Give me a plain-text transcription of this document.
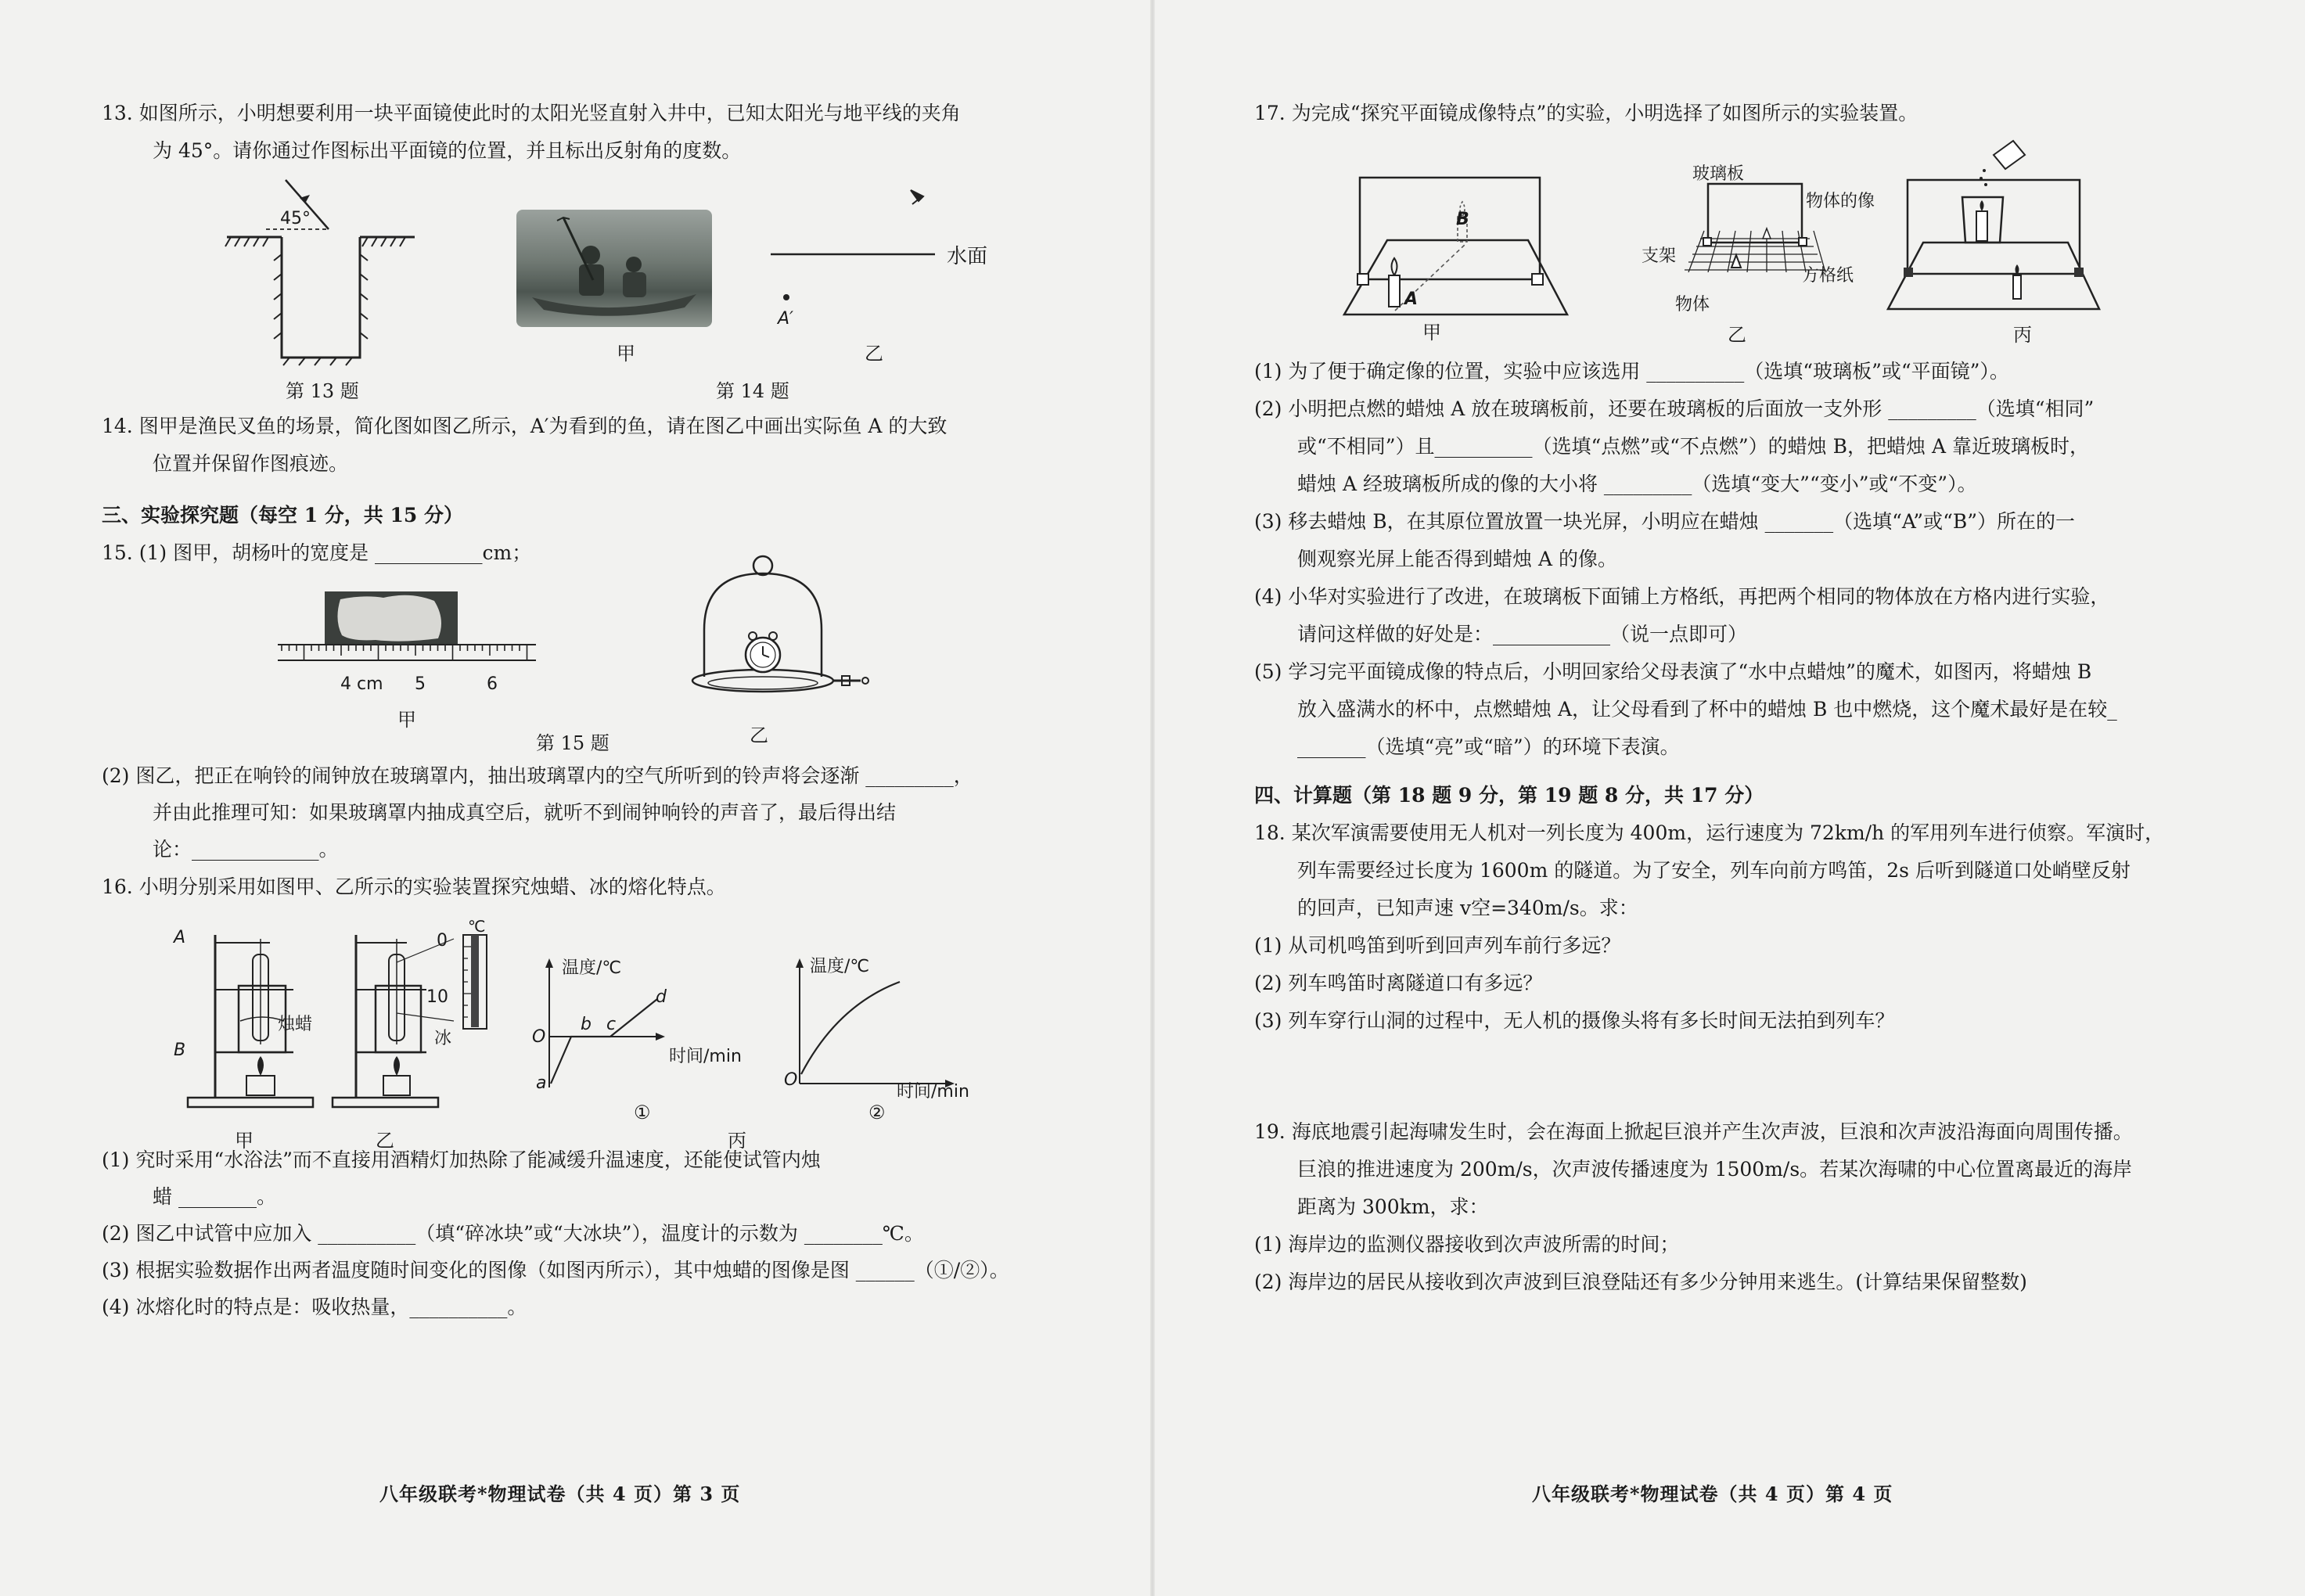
13. 如图所示，小明想要利用一块平面镜使此时的太阳光竖直射入井中，已知太阳光与地平线的夹角
为 45°。请你通过作图标出平面镜的位置，并且标出反射角的度数。
45°
第 13 题
甲
水面
A′
乙
第 14 题
14. 图甲是渔民叉鱼的场景，简化图如图乙所示，A′为看到的鱼，请在图乙中画出实际鱼 A 的大致
位置并保留作图痕迹。
三、实验探究题（每空 1 分，共 15 分）
15. (1) 图甲，胡杨叶的宽度是 ___________cm；
4 cm 5	6
甲
乙
第 15 题
(2) 图乙，把正在响铃的闹钟放在玻璃罩内，抽出玻璃罩内的空气所听到的铃声将会逐渐 _________，
并由此推理可知：如果玻璃罩内抽成真空后，就听不到闹钟响铃的声音了，最后得出结
论：_____________。
16. 小明分别采用如图甲、乙所示的实验装置探究烛蜡、冰的熔化特点。
A
B
烛蜡
甲
0
10
℃
冰
乙
温度/℃
时间/min
O
a
b c
d
①
温度/℃
时间/min
O
②
丙
(1) 究时采用“水浴法”而不直接用酒精灯加热除了能减缓升温速度，还能使试管内烛
蜡 ________。
(2) 图乙中试管中应加入 __________（填“碎冰块”或“大冰块”），温度计的示数为 ________℃。
(3) 根据实验数据作出两者温度随时间变化的图像（如图丙所示），其中烛蜡的图像是图 ______（①/②）。
(4) 冰熔化时的特点是：吸收热量，__________。
八年级联考*物理试卷（共 4 页）第 3 页
17. 为完成“探究平面镜成像特点”的实验，小明选择了如图所示的实验装置。
B
A
甲
玻璃板
物体的像
支架
方格纸
物体
乙	丙
(1) 为了便于确定像的位置，实验中应该选用 __________（选填“玻璃板”或“平面镜”）。
(2) 小明把点燃的蜡烛 A 放在玻璃板前，还要在玻璃板的后面放一支外形 _________（选填“相同”
或“不相同”）且__________（选填“点燃”或“不点燃”）的蜡烛 B，把蜡烛 A 靠近玻璃板时，
蜡烛 A 经玻璃板所成的像的大小将 _________（选填“变大”“变小”或“不变”）。
(3) 移去蜡烛 B，在其原位置放置一块光屏，小明应在蜡烛 _______（选填“A”或“B”）所在的一
侧观察光屏上能否得到蜡烛 A 的像。
(4) 小华对实验进行了改进，在玻璃板下面铺上方格纸，再把两个相同的物体放在方格内进行实验，
请问这样做的好处是：____________（说一点即可）
(5) 学习完平面镜成像的特点后，小明回家给父母表演了“水中点蜡烛”的魔术，如图丙，将蜡烛 B
放入盛满水的杯中，点燃蜡烛 A，让父母看到了杯中的蜡烛 B 也中燃烧，这个魔术最好是在较_
_______（选填“亮”或“暗”）的环境下表演。
四、计算题（第 18 题 9 分，第 19 题 8 分，共 17 分）
18. 某次军演需要使用无人机对一列长度为 400m，运行速度为 72km/h 的军用列车进行侦察。军演时，
列车需要经过长度为 1600m 的隧道。为了安全，列车向前方鸣笛，2s 后听到隧道口处峭壁反射
的回声，已知声速 v空=340m/s。求：
(1) 从司机鸣笛到听到回声列车前行多远？
(2) 列车鸣笛时离隧道口有多远？
(3) 列车穿行山洞的过程中，无人机的摄像头将有多长时间无法拍到列车？
19. 海底地震引起海啸发生时，会在海面上掀起巨浪并产生次声波，巨浪和次声波沿海面向周围传播。
巨浪的推进速度为 200m/s，次声波传播速度为 1500m/s。若某次海啸的中心位置离最近的海岸
距离为 300km，求：
(1) 海岸边的监测仪器接收到次声波所需的时间；
(2) 海岸边的居民从接收到次声波到巨浪登陆还有多少分钟用来逃生。(计算结果保留整数)
八年级联考*物理试卷（共 4 页）第 4 页
